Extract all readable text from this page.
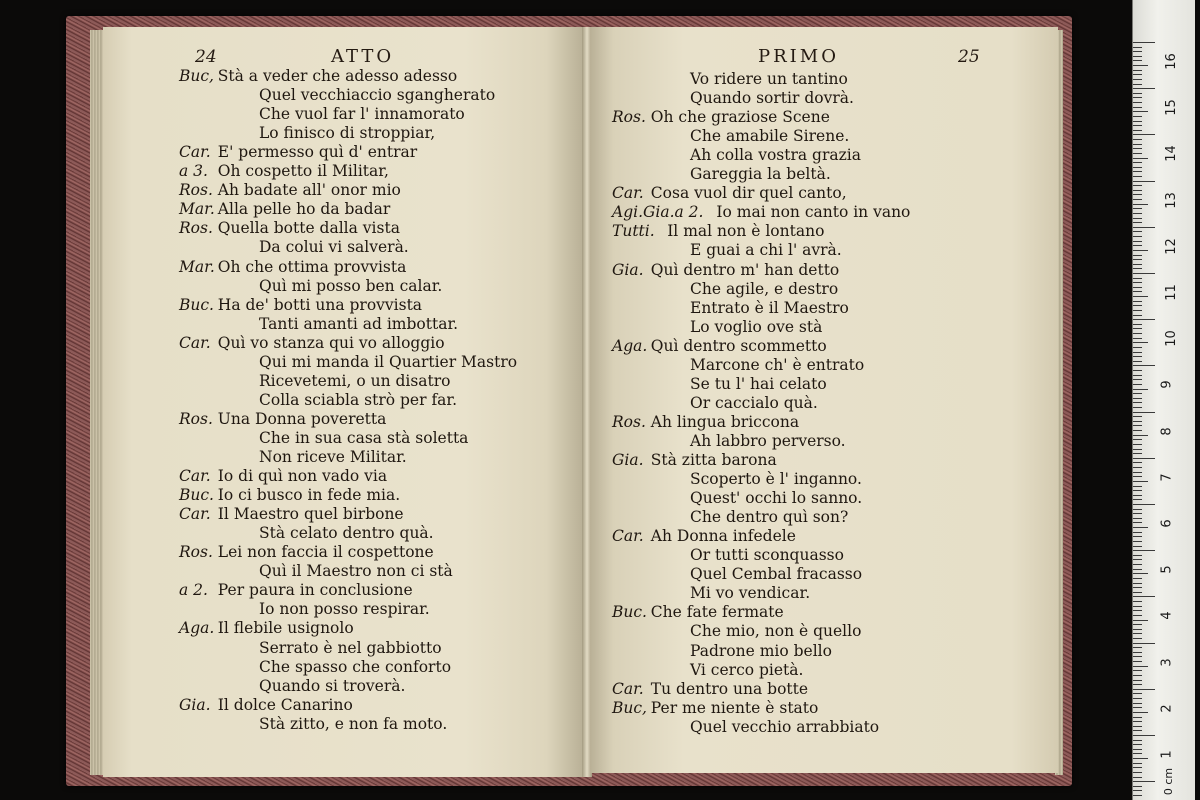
24	ATTO
Buc, Stà a veder che adesso adesso
Quel vecchiaccio sgangherato
Che vuol far l' innamorato
Lo finisco di stroppiar,
Car. E' permesso quì d' entrar
a 3. Oh cospetto il Militar,
Ros. Ah badate all' onor mio
Mar. Alla pelle ho da badar
Ros. Quella botte dalla vista
Da colui vi salverà.
Mar. Oh che ottima provvista
Quì mi posso ben calar.
Buc. Ha de' botti una provvista
Tanti amanti ad imbottar.
Car. Quì vo stanza qui vo alloggio
Qui mi manda il Quartier Mastro
Ricevetemi, o un disatro
Colla sciabla strò per far.
Ros. Una Donna poveretta
Che in sua casa stà soletta
Non riceve Militar.
Car. Io di quì non vado via
Buc. Io ci busco in fede mia.
Car. Il Maestro quel birbone
Stà celato dentro quà.
Ros. Lei non faccia il cospettone
Quì il Maestro non ci stà
a 2. Per paura in conclusione
Io non posso respirar.
Aga. Il flebile usignolo
Serrato è nel gabbiotto
Che spasso che conforto
Quando si troverà.
Gia. Il dolce Canarino
Stà zitto, e non fa moto.
PRIMO	25
Vo ridere un tantino
Quando sortir dovrà.
Ros. Oh che graziose Scene
Che amabile Sirene.
Ah colla vostra grazia
Gareggia la beltà.
Car. Cosa vuol dir quel canto,
Agi.Gia.a 2. Io mai non canto in vano
Tutti. Il mal non è lontano
E guai a chi l' avrà.
Gia. Quì dentro m' han detto
Che agile, e destro
Entrato è il Maestro
Lo voglio ove stà
Aga. Quì dentro scommetto
Marcone ch' è entrato
Se tu l' hai celato
Or caccialo quà.
Ros. Ah lingua briccona
Ah labbro perverso.
Gia. Stà zitta barona
Scoperto è l' inganno.
Quest' occhi lo sanno.
Che dentro quì son?
Car. Ah Donna infedele
Or tutti sconquasso
Quel Cembal fracasso
Mi vo vendicar.
Buc. Che fate fermate
Che mio, non è quello
Padrone mio bello
Vi cerco pietà.
Car. Tu dentro una botte
Buc, Per me niente è stato
Quel vecchio arrabbiato
16
15
14
13
12
11
10
9
8
7
6
5
4
3
2
1
0 cm
